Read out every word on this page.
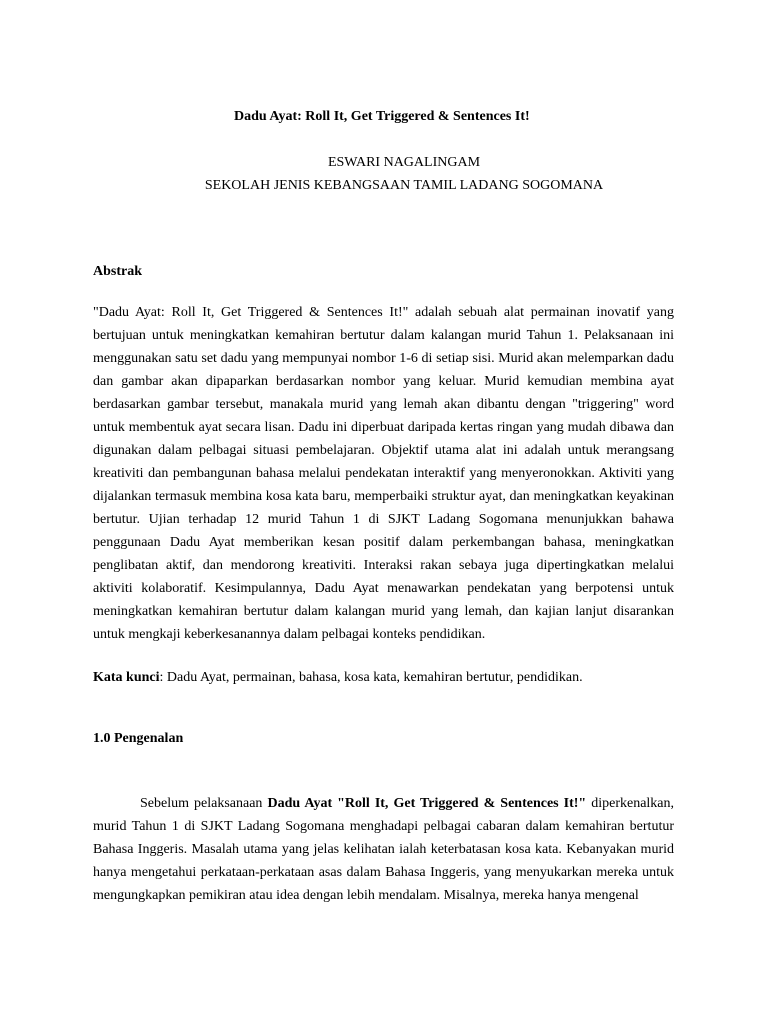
Dadu Ayat: Roll It, Get Triggered & Sentences It!
ESWARI NAGALINGAM
SEKOLAH JENIS KEBANGSAAN TAMIL LADANG SOGOMANA
Abstrak
"Dadu Ayat: Roll It, Get Triggered & Sentences It!" adalah sebuah alat permainan inovatif yang bertujuan untuk meningkatkan kemahiran bertutur dalam kalangan murid Tahun 1. Pelaksanaan ini menggunakan satu set dadu yang mempunyai nombor 1-6 di setiap sisi. Murid akan melemparkan dadu dan gambar akan dipaparkan berdasarkan nombor yang keluar. Murid kemudian membina ayat berdasarkan gambar tersebut, manakala murid yang lemah akan dibantu dengan "triggering" word untuk membentuk ayat secara lisan. Dadu ini diperbuat daripada kertas ringan yang mudah dibawa dan digunakan dalam pelbagai situasi pembelajaran. Objektif utama alat ini adalah untuk merangsang kreativiti dan pembangunan bahasa melalui pendekatan interaktif yang menyeronokkan. Aktiviti yang dijalankan termasuk membina kosa kata baru, memperbaiki struktur ayat, dan meningkatkan keyakinan bertutur. Ujian terhadap 12 murid Tahun 1 di SJKT Ladang Sogomana menunjukkan bahawa penggunaan Dadu Ayat memberikan kesan positif dalam perkembangan bahasa, meningkatkan penglibatan aktif, dan mendorong kreativiti. Interaksi rakan sebaya juga dipertingkatkan melalui aktiviti kolaboratif. Kesimpulannya, Dadu Ayat menawarkan pendekatan yang berpotensi untuk meningkatkan kemahiran bertutur dalam kalangan murid yang lemah, dan kajian lanjut disarankan untuk mengkaji keberkesanannya dalam pelbagai konteks pendidikan.
Kata kunci: Dadu Ayat, permainan, bahasa, kosa kata, kemahiran bertutur, pendidikan.
1.0 Pengenalan
Sebelum pelaksanaan Dadu Ayat "Roll It, Get Triggered & Sentences It!" diperkenalkan, murid Tahun 1 di SJKT Ladang Sogomana menghadapi pelbagai cabaran dalam kemahiran bertutur Bahasa Inggeris. Masalah utama yang jelas kelihatan ialah keterbatasan kosa kata. Kebanyakan murid hanya mengetahui perkataan-perkataan asas dalam Bahasa Inggeris, yang menyukarkan mereka untuk mengungkapkan pemikiran atau idea dengan lebih mendalam. Misalnya, mereka hanya mengenal
